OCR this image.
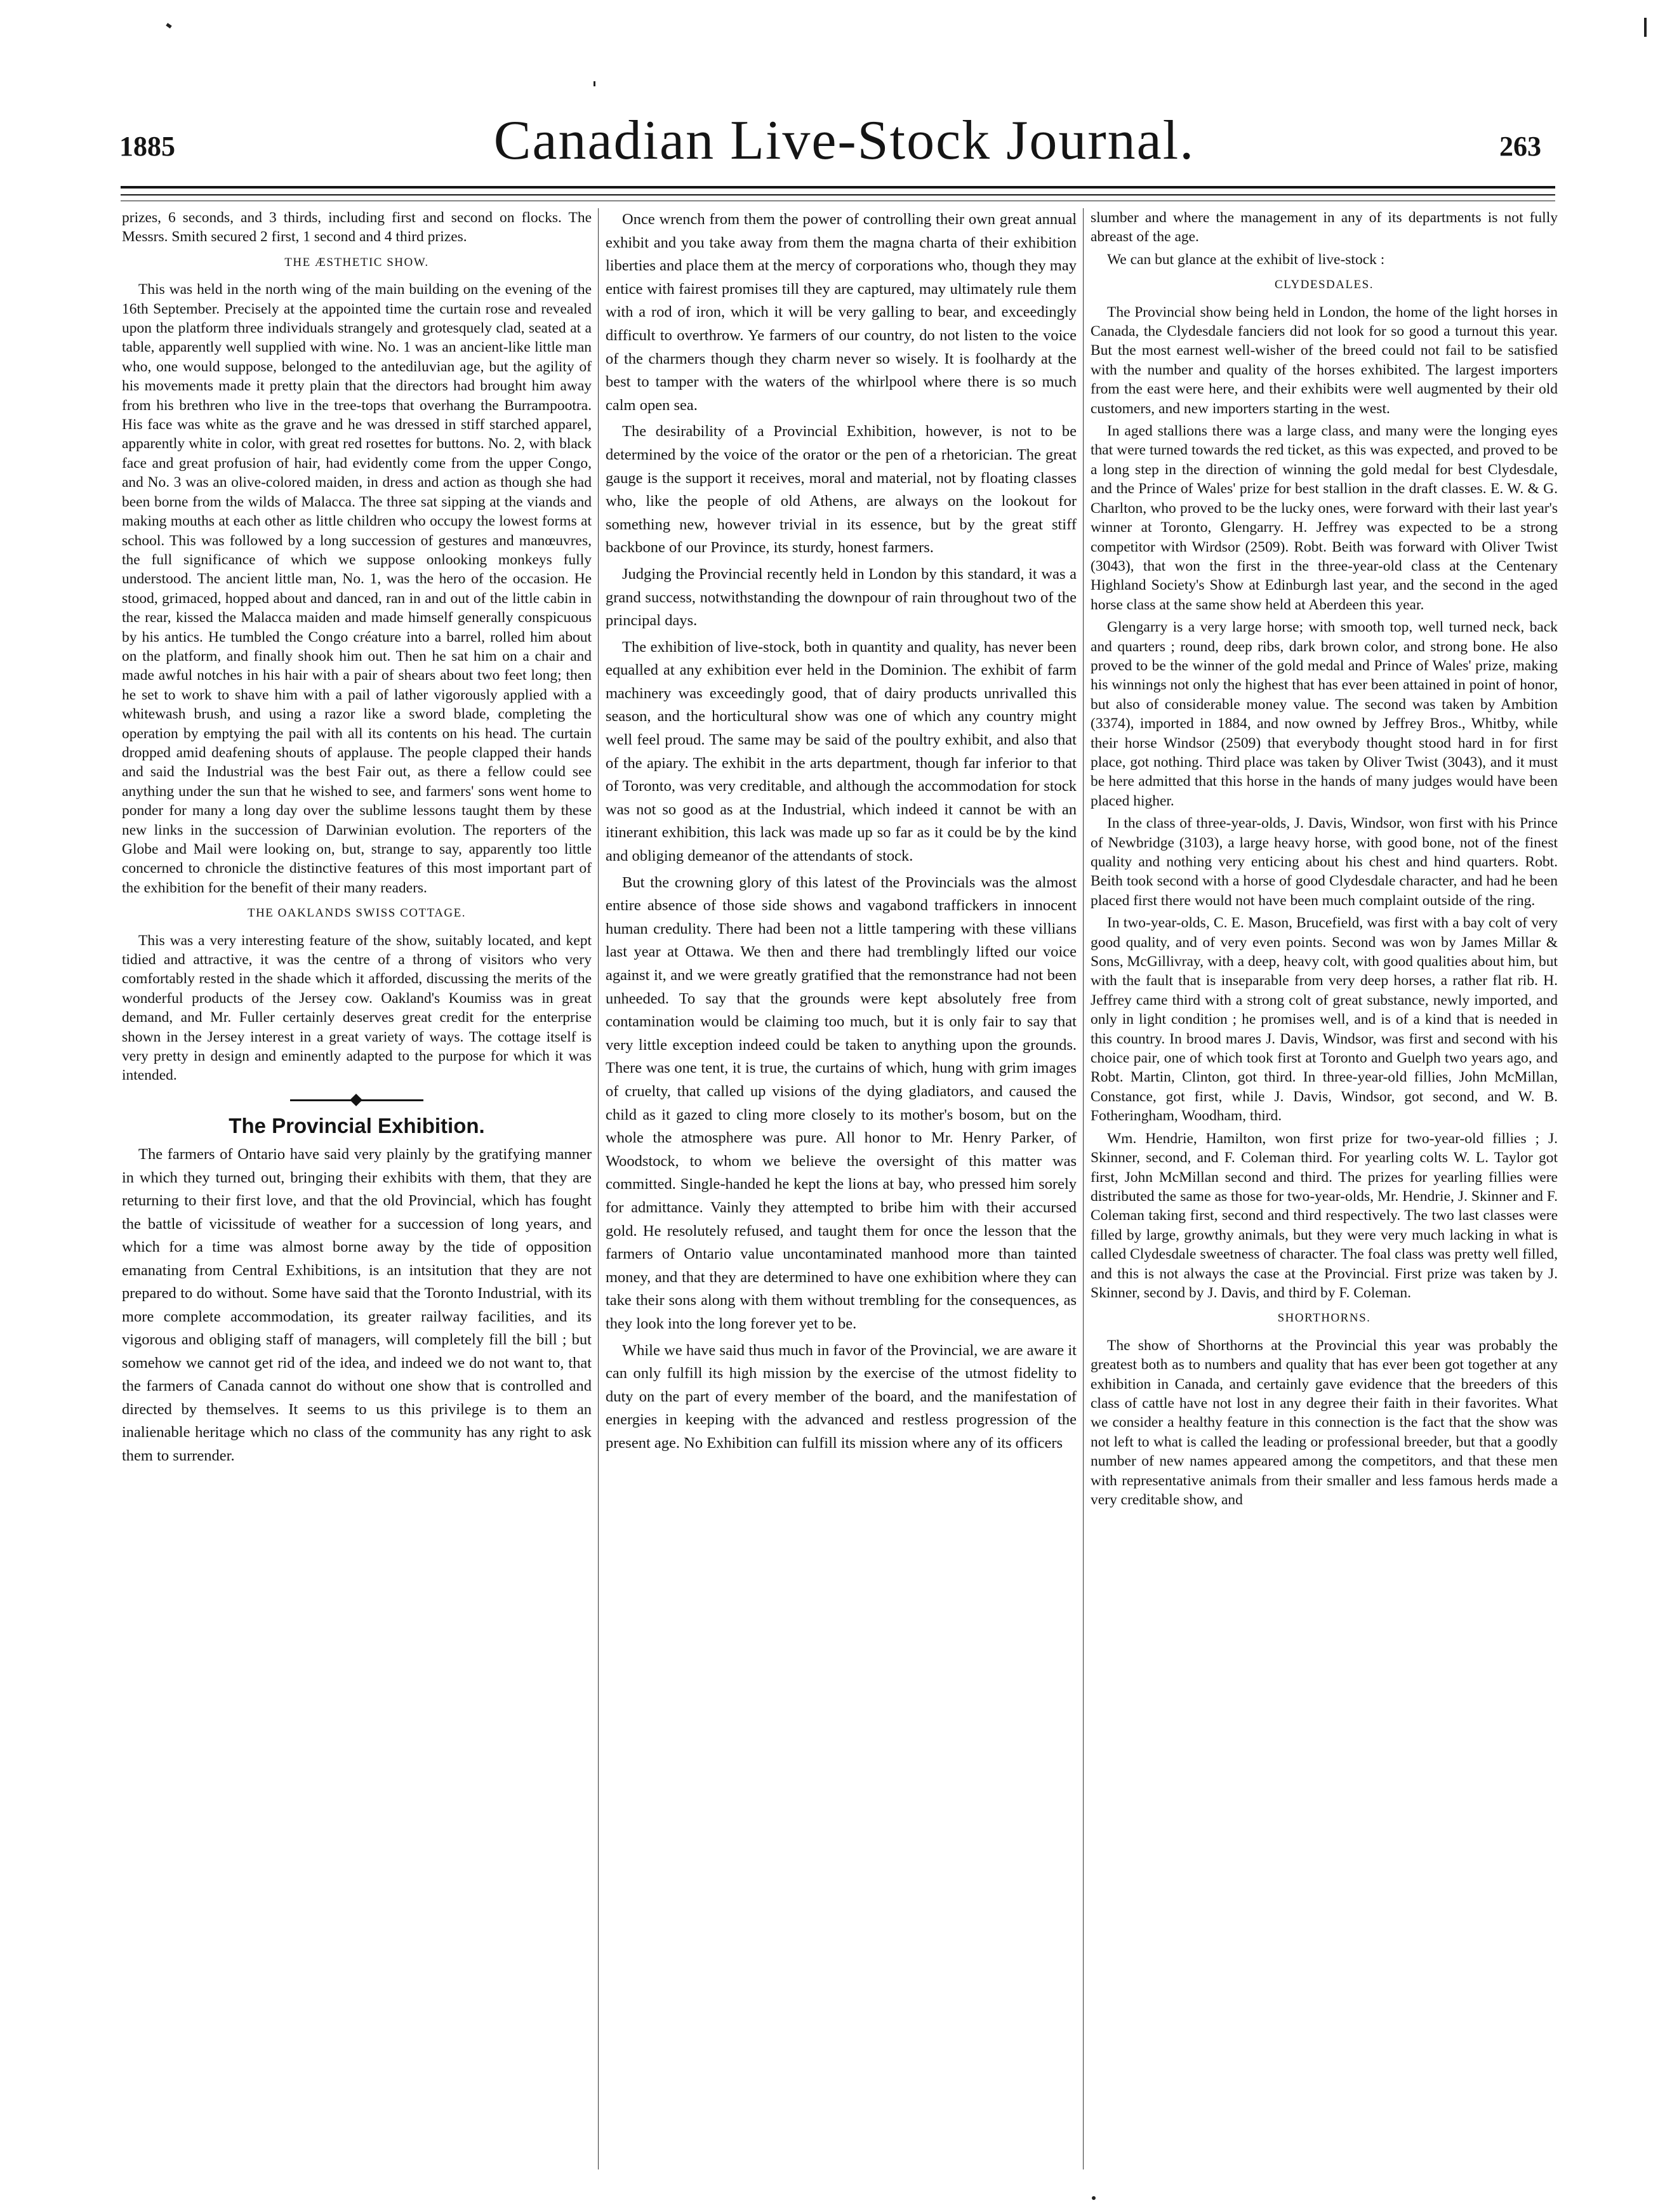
1885	Canadian Live-Stock Journal.	263

prizes, 6 seconds, and 3 thirds, including first and second on flocks. The Messrs. Smith secured 2 first, 1 second and 4 third prizes.

THE ÆSTHETIC SHOW.

This was held in the north wing of the main building on the evening of the 16th September. Precisely at the appointed time the curtain rose and revealed upon the platform three individuals strangely and grotesquely clad, seated at a table, apparently well supplied with wine. No. 1 was an ancient-like little man who, one would suppose, belonged to the antediluvian age, but the agility of his movements made it pretty plain that the directors had brought him away from his brethren who live in the tree-tops that overhang the Burrampootra. His face was white as the grave and he was dressed in stiff starched apparel, apparently white in color, with great red rosettes for buttons. No. 2, with black face and great profusion of hair, had evidently come from the upper Congo, and No. 3 was an olive-colored maiden, in dress and action as though she had been borne from the wilds of Malacca. The three sat sipping at the viands and making mouths at each other as little children who occupy the lowest forms at school. This was followed by a long succession of gestures and manœuvres, the full significance of which we suppose onlooking monkeys fully understood. The ancient little man, No. 1, was the hero of the occasion. He stood, grimaced, hopped about and danced, ran in and out of the little cabin in the rear, kissed the Malacca maiden and made himself generally conspicuous by his antics. He tumbled the Congo créature into a barrel, rolled him about on the platform, and finally shook him out. Then he sat him on a chair and made awful notches in his hair with a pair of shears about two feet long; then he set to work to shave him with a pail of lather vigorously applied with a whitewash brush, and using a razor like a sword blade, completing the operation by emptying the pail with all its contents on his head. The curtain dropped amid deafening shouts of applause. The people clapped their hands and said the Industrial was the best Fair out, as there a fellow could see anything under the sun that he wished to see, and farmers' sons went home to ponder for many a long day over the sublime lessons taught them by these new links in the succession of Darwinian evolution. The reporters of the Globe and Mail were looking on, but, strange to say, apparently too little concerned to chronicle the distinctive features of this most important part of the exhibition for the benefit of their many readers.

THE OAKLANDS SWISS COTTAGE.

This was a very interesting feature of the show, suitably located, and kept tidied and attractive, it was the centre of a throng of visitors who very comfortably rested in the shade which it afforded, discussing the merits of the wonderful products of the Jersey cow. Oakland's Koumiss was in great demand, and Mr. Fuller certainly deserves great credit for the enterprise shown in the Jersey interest in a great variety of ways. The cottage itself is very pretty in design and eminently adapted to the purpose for which it was intended.

The Provincial Exhibition.

The farmers of Ontario have said very plainly by the gratifying manner in which they turned out, bringing their exhibits with them, that they are returning to their first love, and that the old Provincial, which has fought the battle of vicissitude of weather for a succession of long years, and which for a time was almost borne away by the tide of opposition emanating from Central Exhibitions, is an intsitution that they are not prepared to do without. Some have said that the Toronto Industrial, with its more complete accommodation, its greater railway facilities, and its vigorous and obliging staff of managers, will completely fill the bill ; but somehow we cannot get rid of the idea, and indeed we do not want to, that the farmers of Canada cannot do without one show that is controlled and directed by themselves. It seems to us this privilege is to them an inalienable heritage which no class of the community has any right to ask them to surrender.

Once wrench from them the power of controlling their own great annual exhibit and you take away from them the magna charta of their exhibition liberties and place them at the mercy of corporations who, though they may entice with fairest promises till they are captured, may ultimately rule them with a rod of iron, which it will be very galling to bear, and exceedingly difficult to overthrow. Ye farmers of our country, do not listen to the voice of the charmers though they charm never so wisely. It is foolhardy at the best to tamper with the waters of the whirlpool where there is so much calm open sea.

The desirability of a Provincial Exhibition, however, is not to be determined by the voice of the orator or the pen of a rhetorician. The great gauge is the support it receives, moral and material, not by floating classes who, like the people of old Athens, are always on the lookout for something new, however trivial in its essence, but by the great stiff backbone of our Province, its sturdy, honest farmers.

Judging the Provincial recently held in London by this standard, it was a grand success, notwithstanding the downpour of rain throughout two of the principal days.

The exhibition of live-stock, both in quantity and quality, has never been equalled at any exhibition ever held in the Dominion. The exhibit of farm machinery was exceedingly good, that of dairy products unrivalled this season, and the horticultural show was one of which any country might well feel proud. The same may be said of the poultry exhibit, and also that of the apiary. The exhibit in the arts department, though far inferior to that of Toronto, was very creditable, and although the accommodation for stock was not so good as at the Industrial, which indeed it cannot be with an itinerant exhibition, this lack was made up so far as it could be by the kind and obliging demeanor of the attendants of stock.

But the crowning glory of this latest of the Provincials was the almost entire absence of those side shows and vagabond traffickers in innocent human credulity. There had been not a little tampering with these villians last year at Ottawa. We then and there had tremblingly lifted our voice against it, and we were greatly gratified that the remonstrance had not been unheeded. To say that the grounds were kept absolutely free from contamination would be claiming too much, but it is only fair to say that very little exception indeed could be taken to anything upon the grounds. There was one tent, it is true, the curtains of which, hung with grim images of cruelty, that called up visions of the dying gladiators, and caused the child as it gazed to cling more closely to its mother's bosom, but on the whole the atmosphere was pure. All honor to Mr. Henry Parker, of Woodstock, to whom we believe the oversight of this matter was committed. Single-handed he kept the lions at bay, who pressed him sorely for admittance. Vainly they attempted to bribe him with their accursed gold. He resolutely refused, and taught them for once the lesson that the farmers of Ontario value uncontaminated manhood more than tainted money, and that they are determined to have one exhibition where they can take their sons along with them without trembling for the consequences, as they look into the long forever yet to be.

While we have said thus much in favor of the Provincial, we are aware it can only fulfill its high mission by the exercise of the utmost fidelity to duty on the part of every member of the board, and the manifestation of energies in keeping with the advanced and restless progression of the present age. No Exhibition can fulfill its mission where any of its officers

slumber and where the management in any of its departments is not fully abreast of the age.

We can but glance at the exhibit of live-stock :

CLYDESDALES.

The Provincial show being held in London, the home of the light horses in Canada, the Clydesdale fanciers did not look for so good a turnout this year. But the most earnest well-wisher of the breed could not fail to be satisfied with the number and quality of the horses exhibited. The largest importers from the east were here, and their exhibits were well augmented by their old customers, and new importers starting in the west.

In aged stallions there was a large class, and many were the longing eyes that were turned towards the red ticket, as this was expected, and proved to be a long step in the direction of winning the gold medal for best Clydesdale, and the Prince of Wales' prize for best stallion in the draft classes. E. W. & G. Charlton, who proved to be the lucky ones, were forward with their last year's winner at Toronto, Glengarry. H. Jeffrey was expected to be a strong competitor with Wirdsor (2509). Robt. Beith was forward with Oliver Twist (3043), that won the first in the three-year-old class at the Centenary Highland Society's Show at Edinburgh last year, and the second in the aged horse class at the same show held at Aberdeen this year.

Glengarry is a very large horse; with smooth top, well turned neck, back and quarters ; round, deep ribs, dark brown color, and strong bone. He also proved to be the winner of the gold medal and Prince of Wales' prize, making his winnings not only the highest that has ever been attained in point of honor, but also of considerable money value. The second was taken by Ambition (3374), imported in 1884, and now owned by Jeffrey Bros., Whitby, while their horse Windsor (2509) that everybody thought stood hard in for first place, got nothing. Third place was taken by Oliver Twist (3043), and it must be here admitted that this horse in the hands of many judges would have been placed higher.

In the class of three-year-olds, J. Davis, Windsor, won first with his Prince of Newbridge (3103), a large heavy horse, with good bone, not of the finest quality and nothing very enticing about his chest and hind quarters. Robt. Beith took second with a horse of good Clydesdale character, and had he been placed first there would not have been much complaint outside of the ring.

In two-year-olds, C. E. Mason, Brucefield, was first with a bay colt of very good quality, and of very even points. Second was won by James Millar & Sons, McGillivray, with a deep, heavy colt, with good qualities about him, but with the fault that is inseparable from very deep horses, a rather flat rib. H. Jeffrey came third with a strong colt of great substance, newly imported, and only in light condition ; he promises well, and is of a kind that is needed in this country. In brood mares J. Davis, Windsor, was first and second with his choice pair, one of which took first at Toronto and Guelph two years ago, and Robt. Martin, Clinton, got third. In three-year-old fillies, John McMillan, Constance, got first, while J. Davis, Windsor, got second, and W. B. Fotheringham, Woodham, third.

Wm. Hendrie, Hamilton, won first prize for two-year-old fillies ; J. Skinner, second, and F. Coleman third. For yearling colts W. L. Taylor got first, John McMillan second and third. The prizes for yearling fillies were distributed the same as those for two-year-olds, Mr. Hendrie, J. Skinner and F. Coleman taking first, second and third respectively. The two last classes were filled by large, growthy animals, but they were very much lacking in what is called Clydesdale sweetness of character. The foal class was pretty well filled, and this is not always the case at the Provincial. First prize was taken by J. Skinner, second by J. Davis, and third by F. Coleman.

SHORTHORNS.

The show of Shorthorns at the Provincial this year was probably the greatest both as to numbers and quality that has ever been got together at any exhibition in Canada, and certainly gave evidence that the breeders of this class of cattle have not lost in any degree their faith in their favorites. What we consider a healthy feature in this connection is the fact that the show was not left to what is called the leading or professional breeder, but that a goodly number of new names appeared among the competitors, and that these men with representative animals from their smaller and less famous herds made a very creditable show, and
